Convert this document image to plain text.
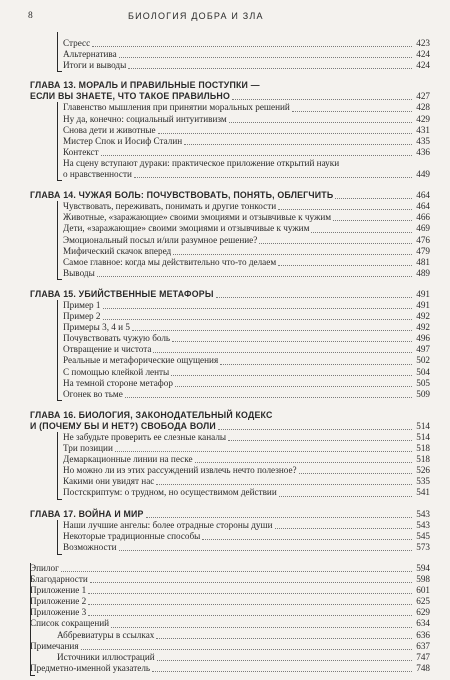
8	БИОЛОГИЯ ДОБРА И ЗЛА
Стресс	423
Альтернатива	424
Итоги и выводы	424
ГЛАВА 13. МОРАЛЬ И ПРАВИЛЬНЫЕ ПОСТУПКИ —
ЕСЛИ ВЫ ЗНАЕТЕ, ЧТО ТАКОЕ ПРАВИЛЬНО	427
Главенство мышления при принятии моральных решений	428
Ну да, конечно: социальный интуитивизм	429
Снова дети и животные	431
Мистер Спок и Иосиф Сталин	435
Контекст	436
На сцену вступают дураки: практическое приложение открытий науки
о нравственности	449
ГЛАВА 14. ЧУЖАЯ БОЛЬ: ПОЧУВСТВОВАТЬ, ПОНЯТЬ, ОБЛЕГЧИТЬ	464
Чувствовать, переживать, понимать и другие тонкости	464
Животные, «заражающие» своими эмоциями и отзывчивые к чужим	466
Дети, «заражающие» своими эмоциями и отзывчивые к чужим	469
Эмоциональный посыл и/или разумное решение?	476
Мифический скачок вперед	479
Самое главное: когда мы действительно что-то делаем	481
Выводы	489
ГЛАВА 15. УБИЙСТВЕННЫЕ МЕТАФОРЫ	491
Пример 1	491
Пример 2	492
Примеры 3, 4 и 5	492
Почувствовать чужую боль	496
Отвращение и чистота	497
Реальные и метафорические ощущения	502
С помощью клейкой ленты	504
На темной стороне метафор	505
Огонек во тьме	509
ГЛАВА 16. БИОЛОГИЯ, ЗАКОНОДАТЕЛЬНЫЙ КОДЕКС
И (ПОЧЕМУ БЫ И НЕТ?) СВОБОДА ВОЛИ	514
Не забудьте проверить ее слезные каналы	514
Три позиции	518
Демаркационные линии на песке	518
Но можно ли из этих рассуждений извлечь нечто полезное?	526
Какими они увидят нас	535
Постскриптум: о трудном, но осуществимом действии	541
ГЛАВА 17. ВОЙНА И МИР	543
Наши лучшие ангелы: более отрадные стороны души	543
Некоторые традиционные способы	545
Возможности	573
Эпилог	594
Благодарности	598
Приложение 1	601
Приложение 2	625
Приложение 3	629
Список сокращений	634
Аббревиатуры в ссылках	636
Примечания	637
Источники иллюстраций	747
Предметно-именной указатель	748
